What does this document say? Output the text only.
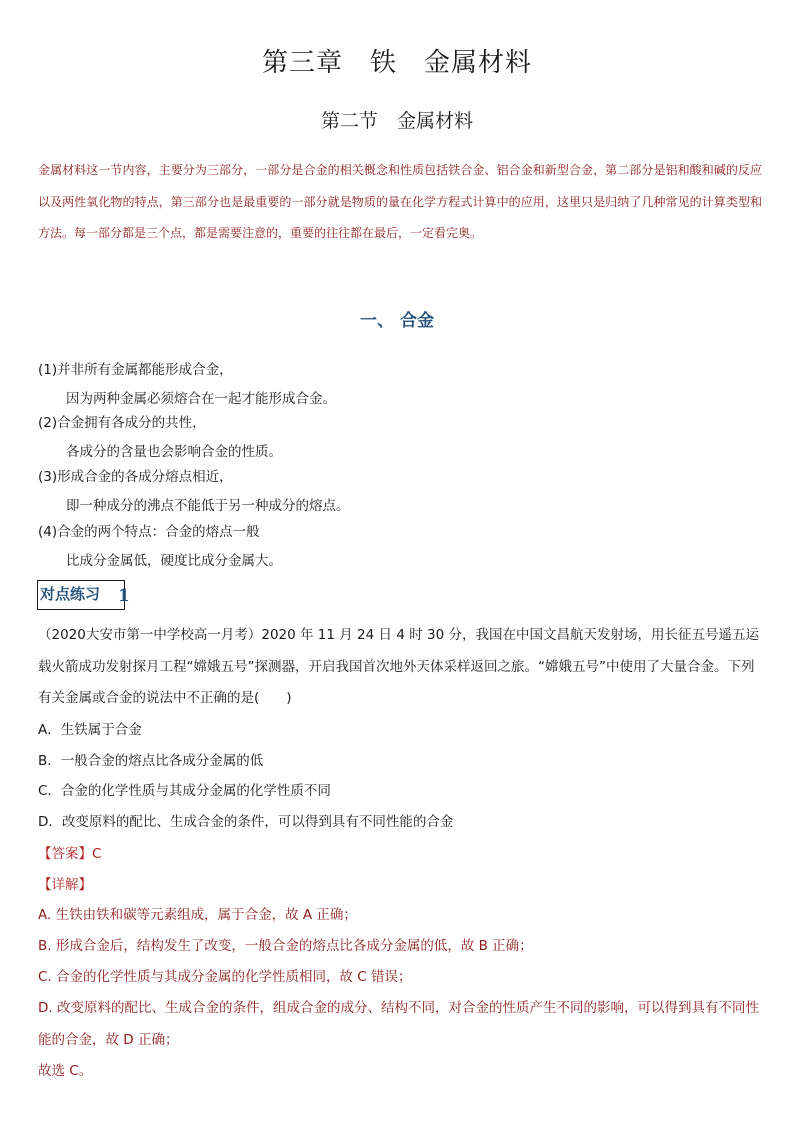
第三章　铁　金属材料
第二节　金属材料
金属材料这一节内容，主要分为三部分，一部分是合金的相关概念和性质包括铁合金、铝合金和新型合金，第二部分是铝和酸和碱的反应以及两性氧化物的特点，第三部分也是最重要的一部分就是物质的量在化学方程式计算中的应用，这里只是归纳了几种常见的计算类型和方法。每一部分都是三个点，都是需要注意的，重要的往往都在最后，一定看完奥。
一、 合金
(1)并非所有金属都能形成合金，
因为两种金属必须熔合在一起才能形成合金。
(2)合金拥有各成分的共性，
各成分的含量也会影响合金的性质。
(3)形成合金的各成分熔点相近，
即一种成分的沸点不能低于另一种成分的熔点。
(4)合金的两个特点：合金的熔点一般
比成分金属低，硬度比成分金属大。
对点练习 1
（2020大安市第一中学校高一月考）2020 年 11 月 24 日 4 时 30 分，我国在中国文昌航天发射场，用长征五号遥五运载火箭成功发射探月工程“嫦娥五号”探测器，开启我国首次地外天体采样返回之旅。“嫦娥五号”中使用了大量合金。下列有关金属或合金的说法中不正确的是(　　)
A．生铁属于合金
B．一般合金的熔点比各成分金属的低
C．合金的化学性质与其成分金属的化学性质不同
D．改变原料的配比、生成合金的条件，可以得到具有不同性能的合金
【答案】C
【详解】
A. 生铁由铁和碳等元素组成，属于合金，故 A 正确；
B. 形成合金后，结构发生了改变，一般合金的熔点比各成分金属的低，故 B 正确；
C. 合金的化学性质与其成分金属的化学性质相同，故 C 错误；
D. 改变原料的配比、生成合金的条件，组成合金的成分、结构不同，对合金的性质产生不同的影响，可以得到具有不同性能的合金，故 D 正确；
故选 C。
